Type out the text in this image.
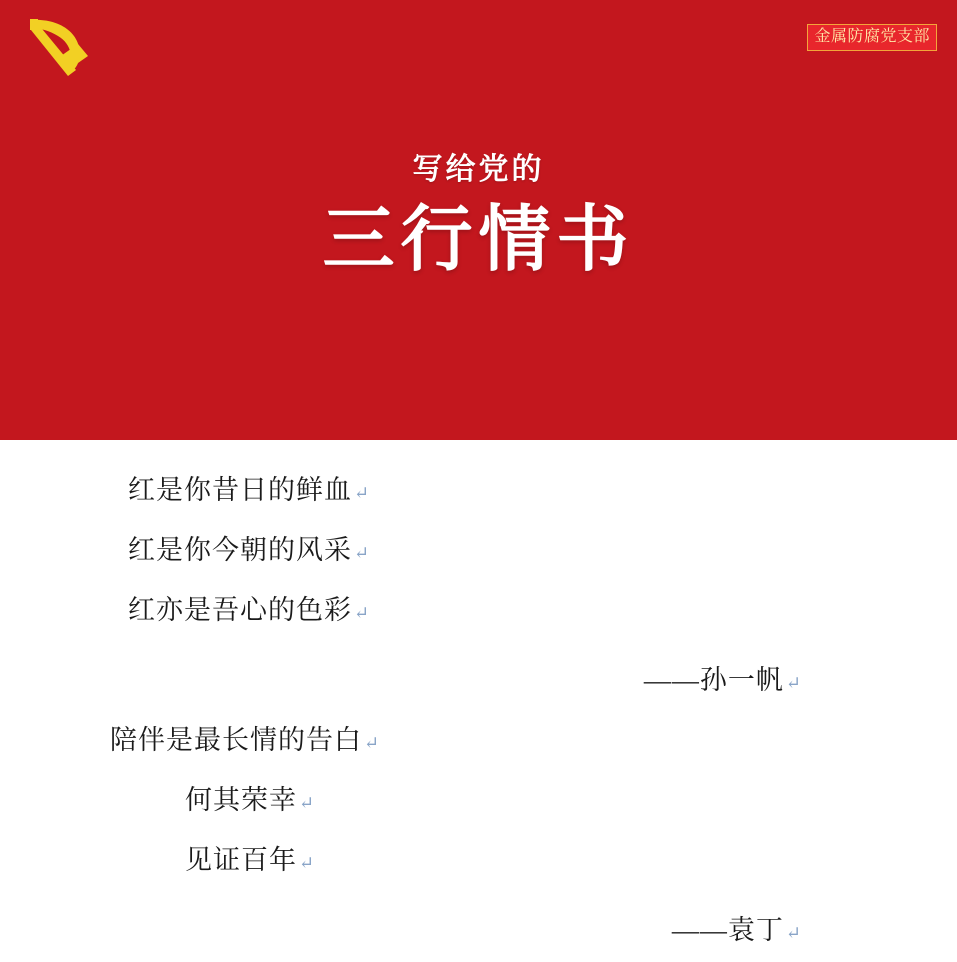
金属防腐党支部
写给党的
三行情书
红是你昔日的鲜血 ↵
红是你今朝的风采 ↵
红亦是吾心的色彩 ↵
——孙一帆 ↵
陪伴是最长情的告白 ↵
何其荣幸 ↵
见证百年 ↵
——袁丁 ↵
